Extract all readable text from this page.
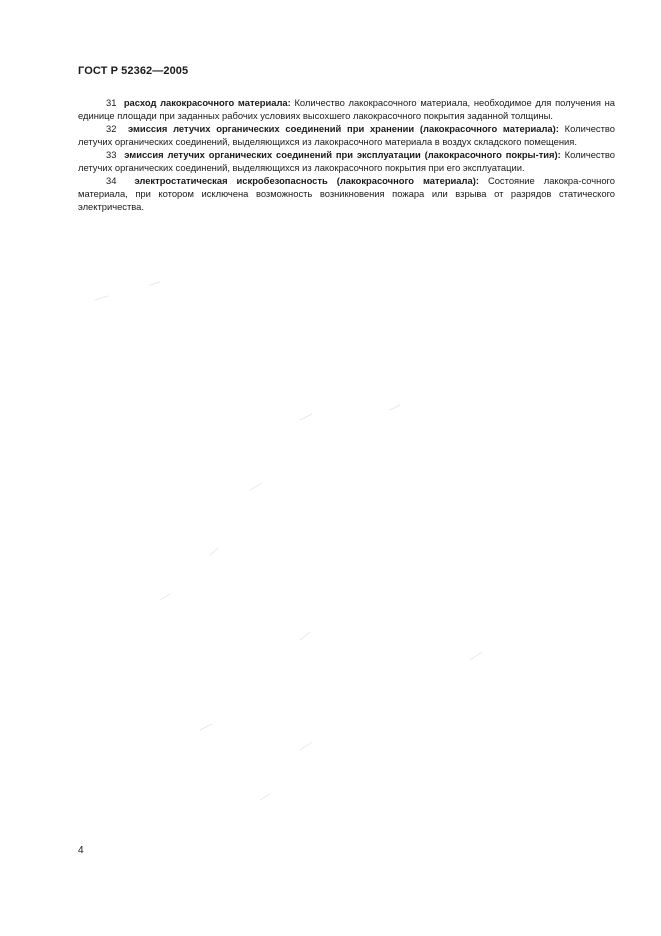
ГОСТ Р 52362—2005

31 расход лакокрасочного материала: Количество лакокрасочного материала, необходимое для получения на единице площади при заданных рабочих условиях высохшего лакокрасочного покрытия заданной толщины.

32 эмиссия летучих органических соединений при хранении (лакокрасочного материала): Количество летучих органических соединений, выделяющихся из лакокрасочного материала в воздух складского помещения.

33 эмиссия летучих органических соединений при эксплуатации (лакокрасочного покры-тия): Количество летучих органических соединений, выделяющихся из лакокрасочного покрытия при его эксплуатации.

34 электростатическая искробезопасность (лакокрасочного материала): Состояние лакокра-сочного материала, при котором исключена возможность возникновения пожара или взрыва от разрядов статического электричества.

4
